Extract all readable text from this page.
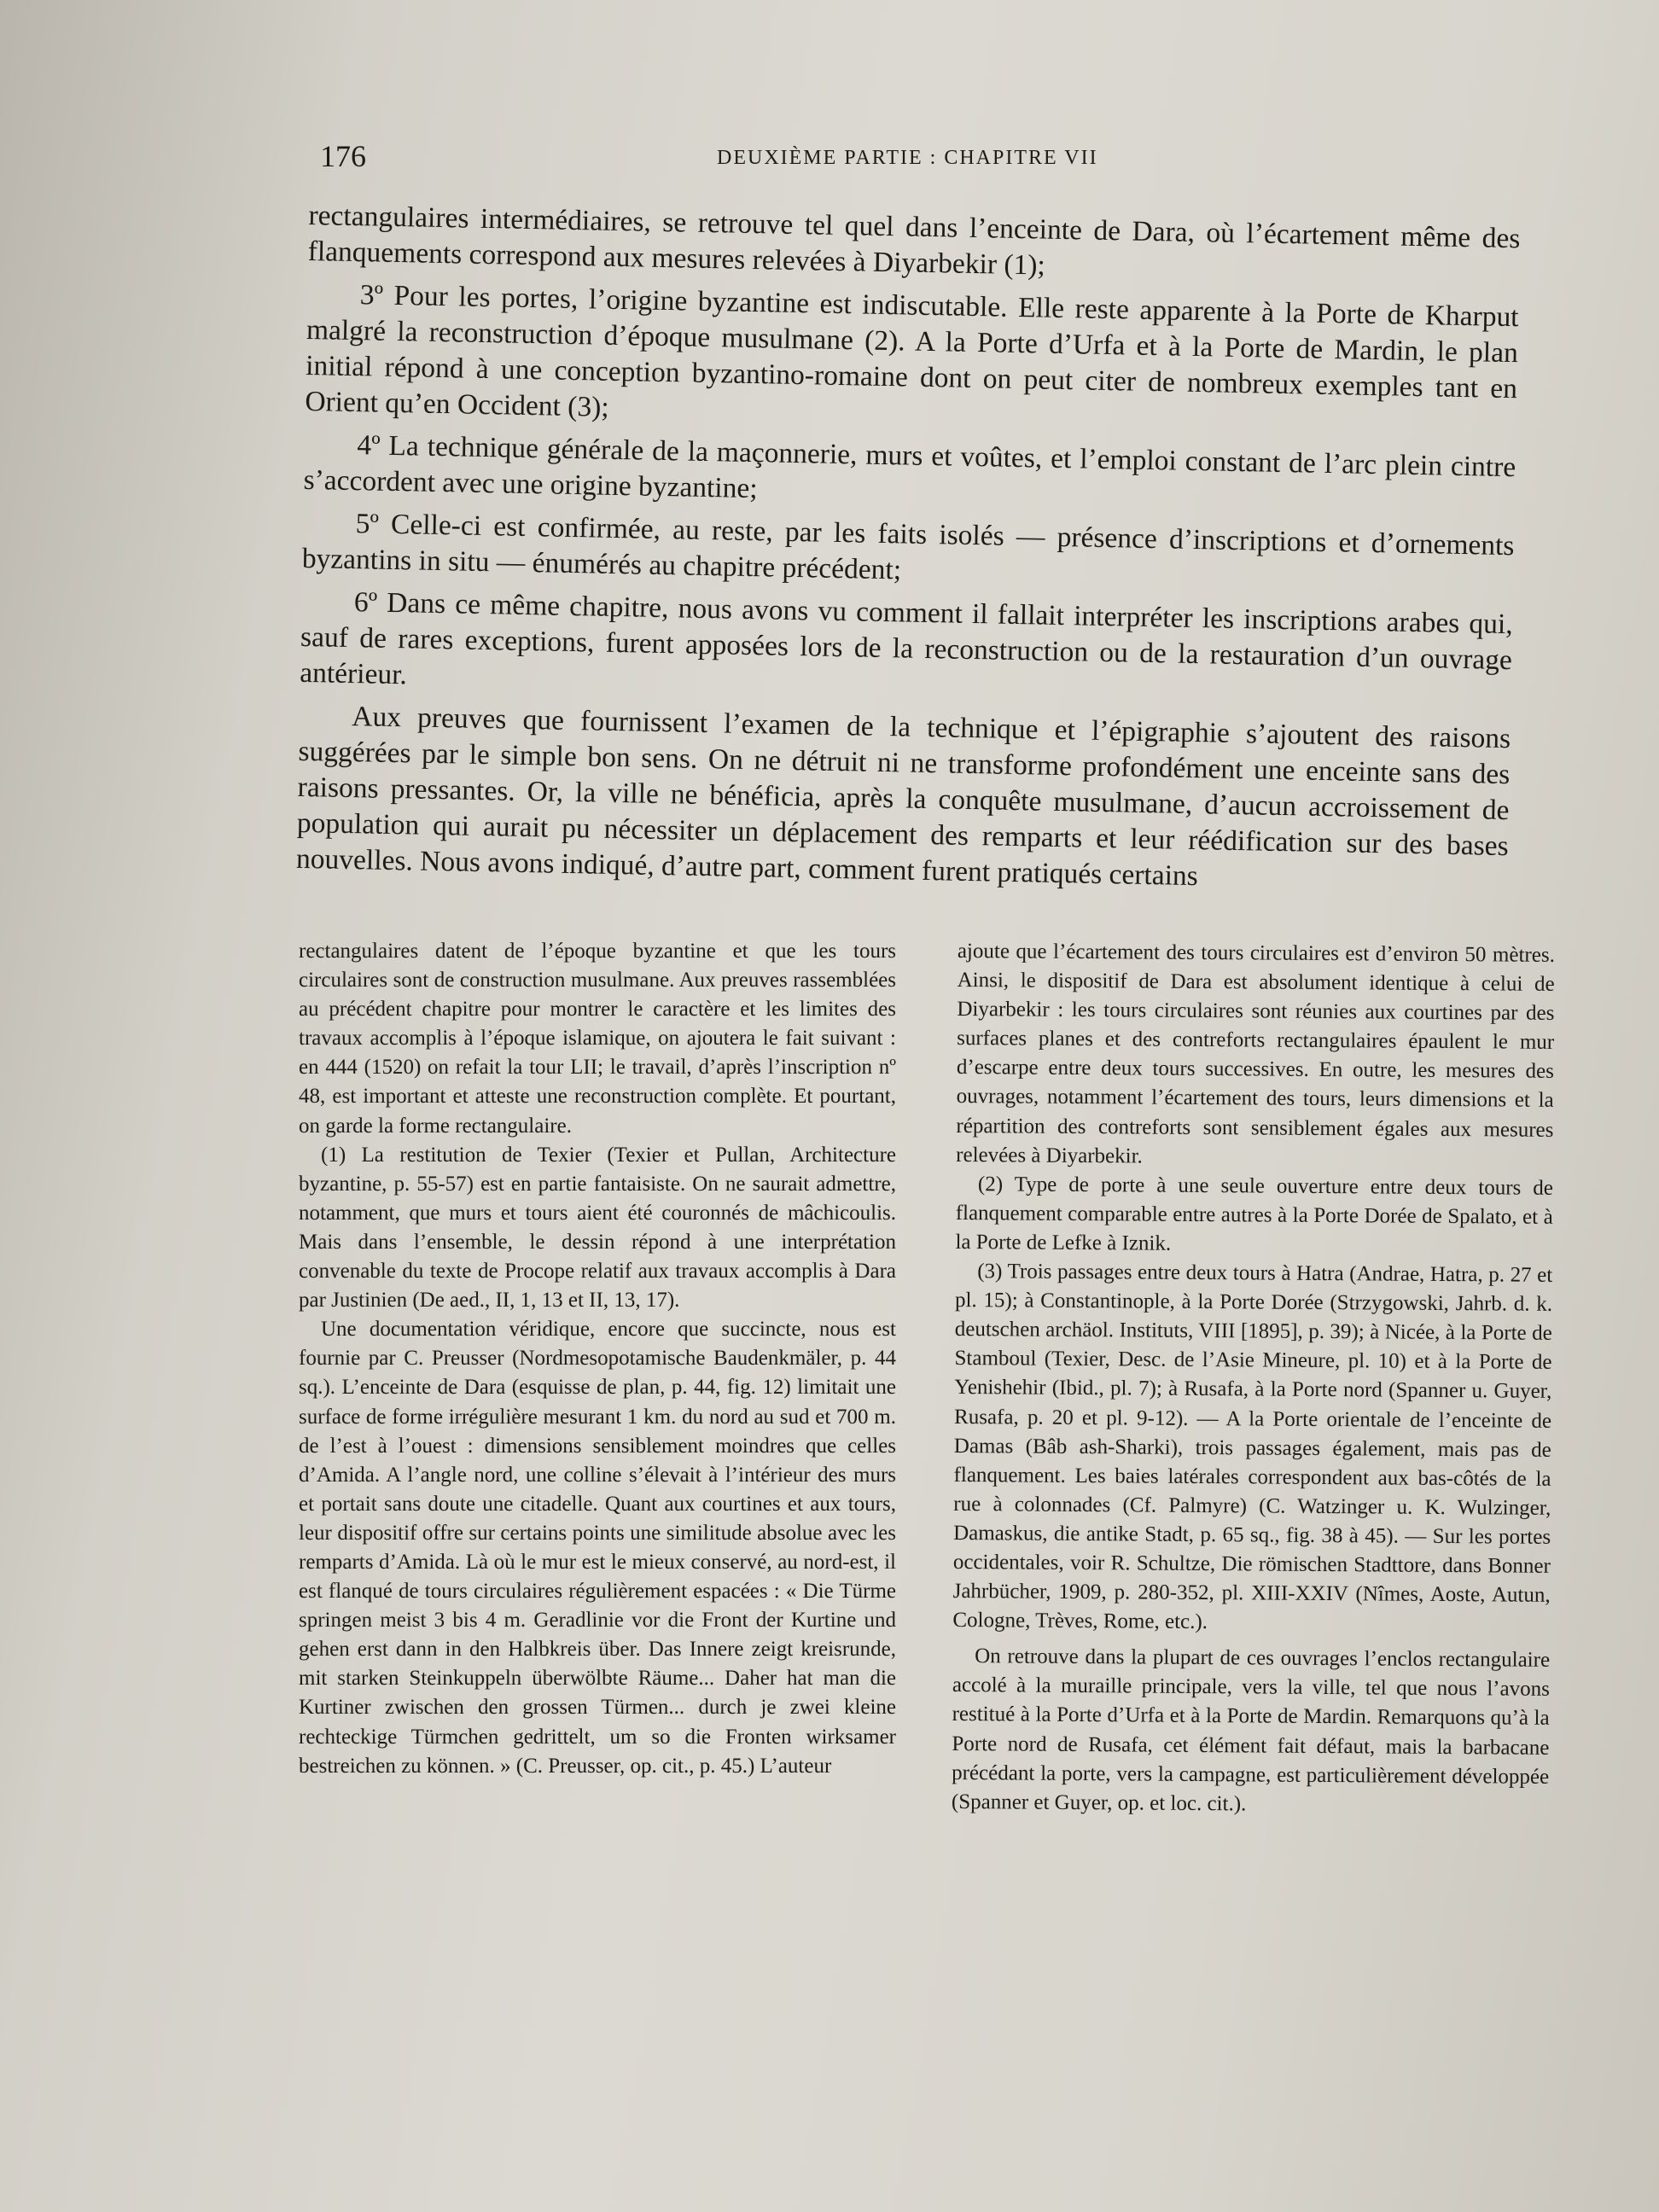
176	DEUXIÈME PARTIE : CHAPITRE VII

rectangulaires intermédiaires, se retrouve tel quel dans l’enceinte de Dara, où l’écartement même des flanquements correspond aux mesures relevées à Diyarbekir (1);

3º Pour les portes, l’origine byzantine est indiscutable. Elle reste apparente à la Porte de Kharput malgré la reconstruction d’époque musulmane (2). A la Porte d’Urfa et à la Porte de Mardin, le plan initial répond à une conception byzantino-romaine dont on peut citer de nombreux exemples tant en Orient qu’en Occident (3);

4º La technique générale de la maçonnerie, murs et voûtes, et l’emploi constant de l’arc plein cintre s’accordent avec une origine byzantine;

5º Celle-ci est confirmée, au reste, par les faits isolés — présence d’inscriptions et d’ornements byzantins in situ — énumérés au chapitre précédent;

6º Dans ce même chapitre, nous avons vu comment il fallait interpréter les inscriptions arabes qui, sauf de rares exceptions, furent apposées lors de la reconstruction ou de la restauration d’un ouvrage antérieur.

Aux preuves que fournissent l’examen de la technique et l’épigraphie s’ajoutent des raisons suggérées par le simple bon sens. On ne détruit ni ne transforme profondément une enceinte sans des raisons pressantes. Or, la ville ne bénéficia, après la conquête musulmane, d’aucun accroissement de population qui aurait pu nécessiter un déplacement des remparts et leur réédification sur des bases nouvelles. Nous avons indiqué, d’autre part, comment furent pratiqués certains

rectangulaires datent de l’époque byzantine et que les tours circulaires sont de construction musulmane. Aux preuves rassemblées au précédent chapitre pour montrer le caractère et les limites des travaux accomplis à l’époque islamique, on ajoutera le fait suivant : en 444 (1520) on refait la tour LII; le travail, d’après l’inscription nº 48, est important et atteste une reconstruction complète. Et pourtant, on garde la forme rectangulaire.

(1) La restitution de Texier (Texier et Pullan, Architecture byzantine, p. 55-57) est en partie fantaisiste. On ne saurait admettre, notamment, que murs et tours aient été couronnés de mâchicoulis. Mais dans l’ensemble, le dessin répond à une interprétation convenable du texte de Procope relatif aux travaux accomplis à Dara par Justinien (De aed., II, 1, 13 et II, 13, 17).

Une documentation véridique, encore que succincte, nous est fournie par C. Preusser (Nordmesopotamische Baudenkmäler, p. 44 sq.). L’enceinte de Dara (esquisse de plan, p. 44, fig. 12) limitait une surface de forme irrégulière mesurant 1 km. du nord au sud et 700 m. de l’est à l’ouest : dimensions sensiblement moindres que celles d’Amida. A l’angle nord, une colline s’élevait à l’intérieur des murs et portait sans doute une citadelle. Quant aux courtines et aux tours, leur dispositif offre sur certains points une similitude absolue avec les remparts d’Amida. Là où le mur est le mieux conservé, au nord-est, il est flanqué de tours circulaires régulièrement espacées : « Die Türme springen meist 3 bis 4 m. Geradlinie vor die Front der Kurtine und gehen erst dann in den Halbkreis über. Das Innere zeigt kreisrunde, mit starken Steinkuppeln überwölbte Räume... Daher hat man die Kurtiner zwischen den grossen Türmen... durch je zwei kleine rechteckige Türmchen gedrittelt, um so die Fronten wirksamer bestreichen zu können. » (C. Preusser, op. cit., p. 45.) L’auteur

ajoute que l’écartement des tours circulaires est d’environ 50 mètres. Ainsi, le dispositif de Dara est absolument identique à celui de Diyarbekir : les tours circulaires sont réunies aux courtines par des surfaces planes et des contreforts rectangulaires épaulent le mur d’escarpe entre deux tours successives. En outre, les mesures des ouvrages, notamment l’écartement des tours, leurs dimensions et la répartition des contreforts sont sensiblement égales aux mesures relevées à Diyarbekir.

(2) Type de porte à une seule ouverture entre deux tours de flanquement comparable entre autres à la Porte Dorée de Spalato, et à la Porte de Lefke à Iznik.

(3) Trois passages entre deux tours à Hatra (Andrae, Hatra, p. 27 et pl. 15); à Constantinople, à la Porte Dorée (Strzygowski, Jahrb. d. k. deutschen archäol. Instituts, VIII [1895], p. 39); à Nicée, à la Porte de Stamboul (Texier, Desc. de l’Asie Mineure, pl. 10) et à la Porte de Yenishehir (Ibid., pl. 7); à Rusafa, à la Porte nord (Spanner u. Guyer, Rusafa, p. 20 et pl. 9-12). — A la Porte orientale de l’enceinte de Damas (Bâb ash-Sharki), trois passages également, mais pas de flanquement. Les baies latérales correspondent aux bas-côtés de la rue à colonnades (Cf. Palmyre) (C. Watzinger u. K. Wulzinger, Damaskus, die antike Stadt, p. 65 sq., fig. 38 à 45). — Sur les portes occidentales, voir R. Schultze, Die römischen Stadttore, dans Bonner Jahrbücher, 1909, p. 280-352, pl. XIII-XXIV (Nîmes, Aoste, Autun, Cologne, Trèves, Rome, etc.).

On retrouve dans la plupart de ces ouvrages l’enclos rectangulaire accolé à la muraille principale, vers la ville, tel que nous l’avons restitué à la Porte d’Urfa et à la Porte de Mardin. Remarquons qu’à la Porte nord de Rusafa, cet élément fait défaut, mais la barbacane précédant la porte, vers la campagne, est particulièrement développée (Spanner et Guyer, op. et loc. cit.).
